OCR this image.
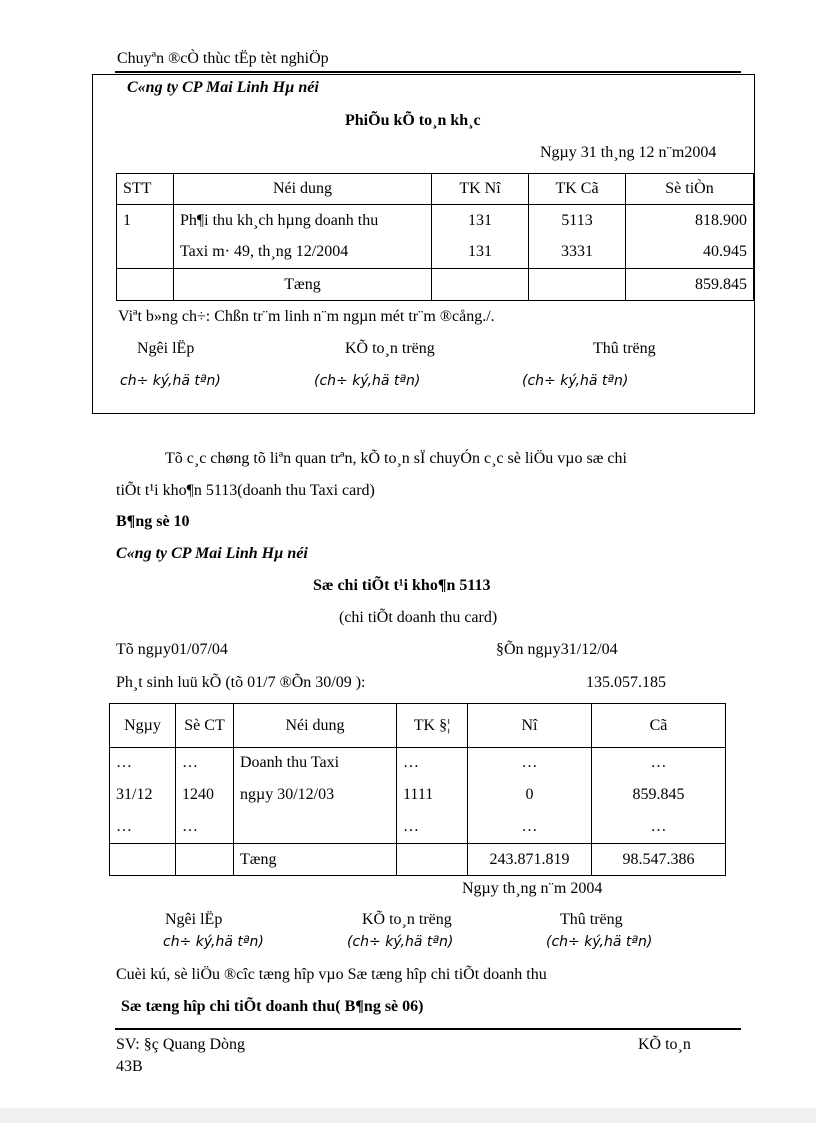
Chuyªn ®cÒ thùc tËp tèt nghiÖp
C«ng ty CP Mai Linh Hµ néi
PhiÕu kÕ to¸n kh¸c
Ngµy 31 th¸ng 12 n¨m2004
STT	Néi dung	TK Nî	TK Cã	Sè tiÒn
1	Ph¶i thu kh¸ch hµng doanh thu	131	5113	818.900
	Taxi m· 49, th¸ng 12/2004	131	3331	40.945
	Tæng			859.845
Viªt b»ng ch÷: Chßn tr¨m linh n¨m ngµn mét tr¨m ®cång./.
Ngêi lËp	KÕ to¸n trëng	Thû trëng
ch÷ ký,hä tªn)	(ch÷ ký,hä tªn)	(ch÷ ký,hä tªn)
Tõ c¸c chøng tõ liªn quan trªn, kÕ to¸n sÏ chuyÓn c¸c sè liÖu vµo sæ chi
tiÕt t¹i kho¶n 5113(doanh thu Taxi card)
B¶ng sè 10
C«ng ty CP Mai Linh Hµ néi
Sæ chi tiÕt t¹i kho¶n 5113
(chi tiÕt doanh thu card)
Tõ ngµy01/07/04	§Õn ngµy31/12/04
Ph¸t sinh luü kÕ (tõ 01/7 ®Õn 30/09 ):	135.057.185
Ngµy	Sè CT	Néi dung	TK §¦	Nî	Cã
…	…	Doanh thu Taxi	…	…	…
31/12	1240	ngµy 30/12/03	1111	0	859.845
…	…		…	…	…
		Tæng		243.871.819	98.547.386
Ngµy th¸ng n¨m 2004
Ngêi lËp	KÕ to¸n trëng	Thû trëng
ch÷ ký,hä tªn)	(ch÷ ký,hä tªn)	(ch÷ ký,hä tªn)
Cuèi kú, sè liÖu ®cîc tæng hîp vµo Sæ tæng hîp chi tiÕt doanh thu
Sæ tæng hîp chi tiÕt doanh thu( B¶ng sè 06)
SV: §ç Quang Dòng
43B
KÕ to¸n
